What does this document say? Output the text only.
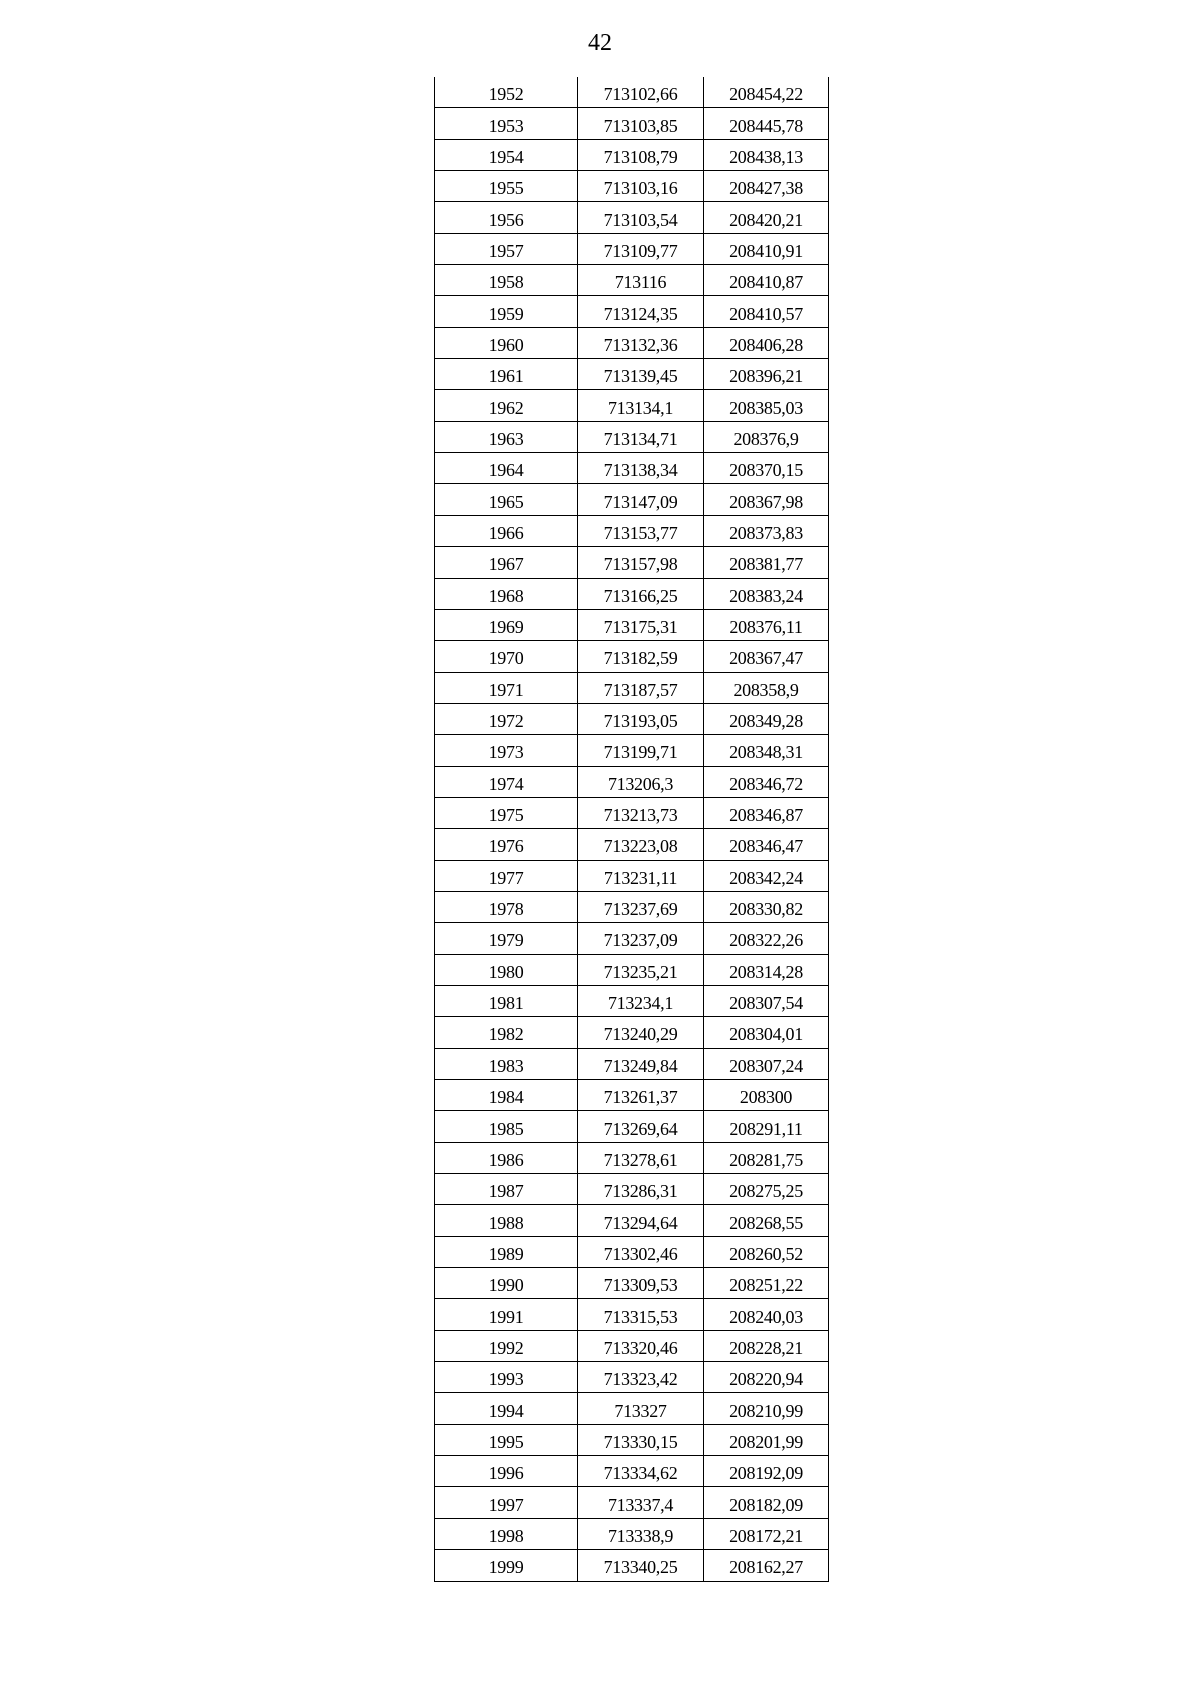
42
1952	713102,66	208454,22
1953	713103,85	208445,78
1954	713108,79	208438,13
1955	713103,16	208427,38
1956	713103,54	208420,21
1957	713109,77	208410,91
1958	713116	208410,87
1959	713124,35	208410,57
1960	713132,36	208406,28
1961	713139,45	208396,21
1962	713134,1	208385,03
1963	713134,71	208376,9
1964	713138,34	208370,15
1965	713147,09	208367,98
1966	713153,77	208373,83
1967	713157,98	208381,77
1968	713166,25	208383,24
1969	713175,31	208376,11
1970	713182,59	208367,47
1971	713187,57	208358,9
1972	713193,05	208349,28
1973	713199,71	208348,31
1974	713206,3	208346,72
1975	713213,73	208346,87
1976	713223,08	208346,47
1977	713231,11	208342,24
1978	713237,69	208330,82
1979	713237,09	208322,26
1980	713235,21	208314,28
1981	713234,1	208307,54
1982	713240,29	208304,01
1983	713249,84	208307,24
1984	713261,37	208300
1985	713269,64	208291,11
1986	713278,61	208281,75
1987	713286,31	208275,25
1988	713294,64	208268,55
1989	713302,46	208260,52
1990	713309,53	208251,22
1991	713315,53	208240,03
1992	713320,46	208228,21
1993	713323,42	208220,94
1994	713327	208210,99
1995	713330,15	208201,99
1996	713334,62	208192,09
1997	713337,4	208182,09
1998	713338,9	208172,21
1999	713340,25	208162,27
